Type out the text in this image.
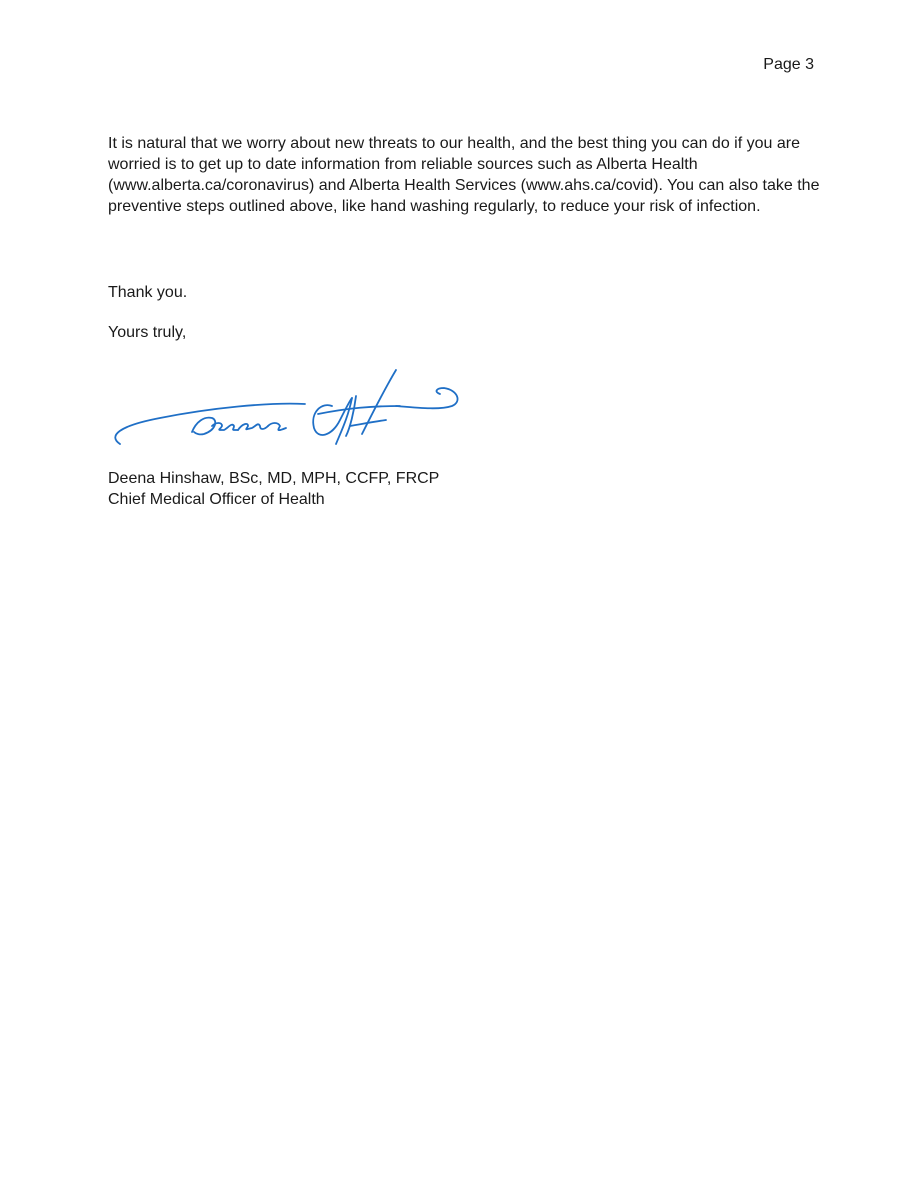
Page 3

It is natural that we worry about new threats to our health, and the best thing you can do if you are worried is to get up to date information from reliable sources such as Alberta Health (www.alberta.ca/coronavirus) and Alberta Health Services (www.ahs.ca/covid). You can also take the preventive steps outlined above, like hand washing regularly, to reduce your risk of infection.

Thank you.

Yours truly,

Deena Hinshaw, BSc, MD, MPH, CCFP, FRCP
Chief Medical Officer of Health
